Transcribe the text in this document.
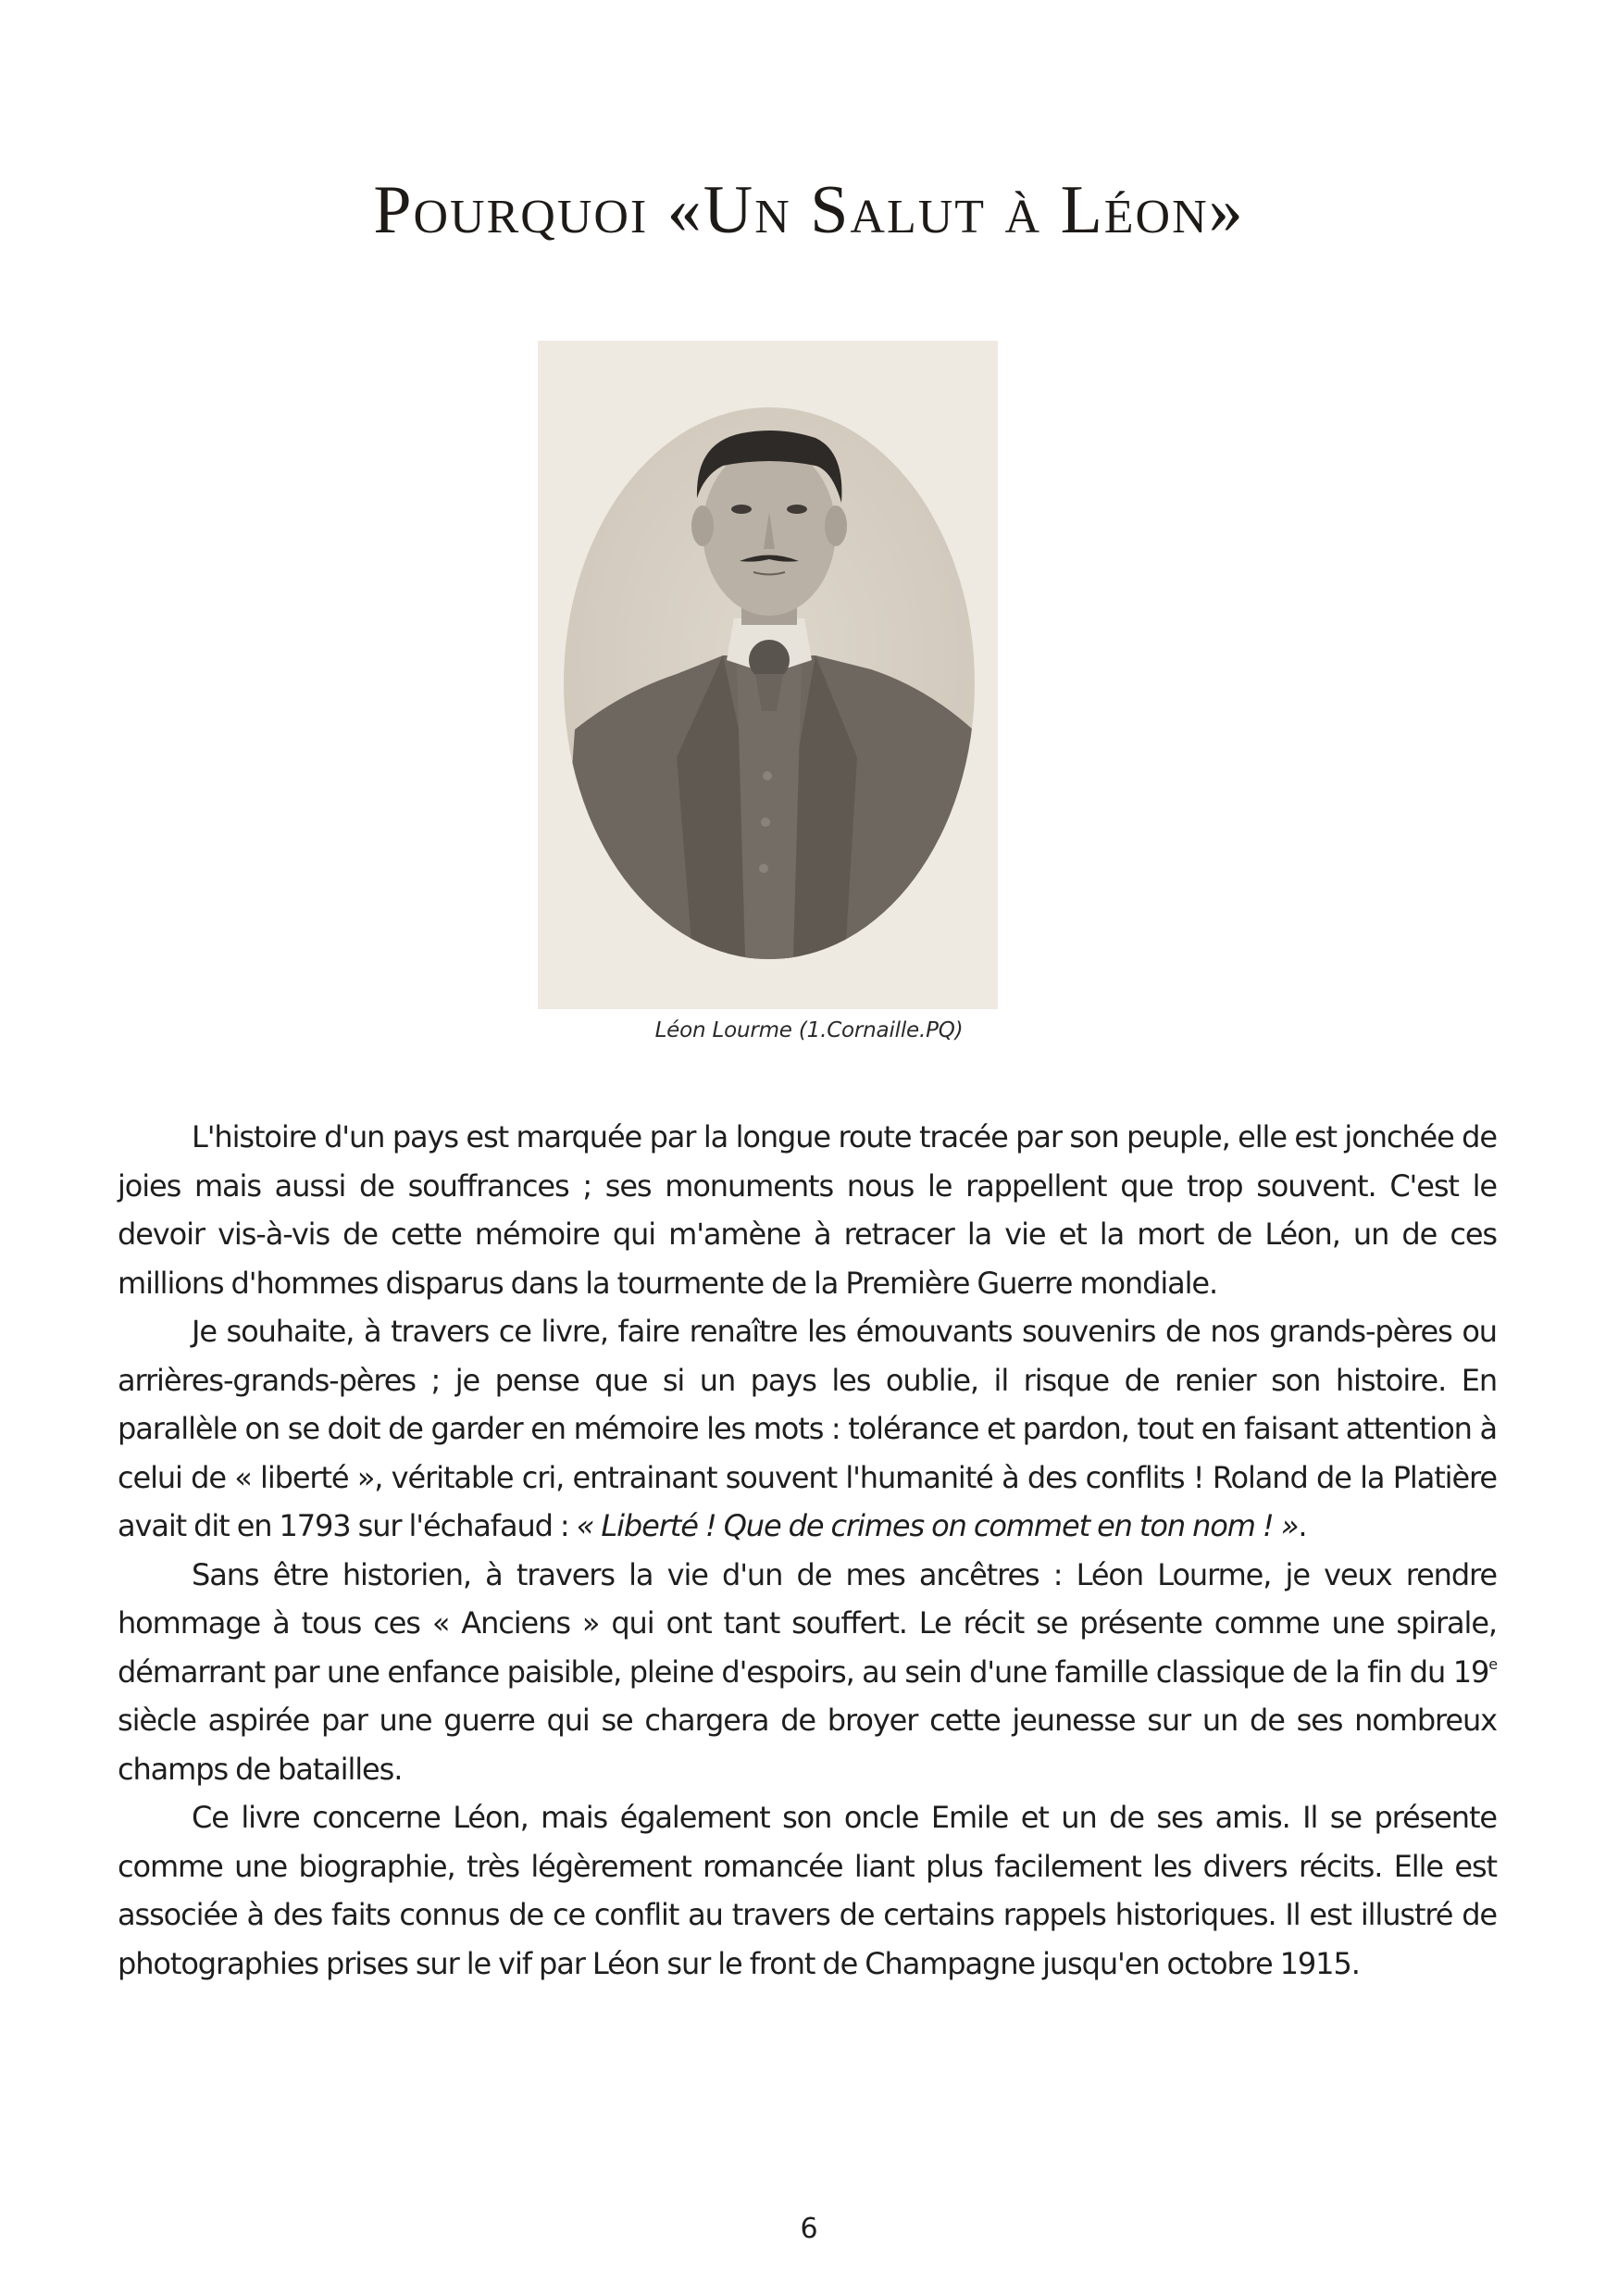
Pourquoi «Un Salut à Léon»
Léon Lourme (1.Cornaille.PQ)

L'histoire d'un pays est marquée par la longue route tracée par son peuple, elle est jonchée de joies mais aussi de souffrances ; ses monuments nous le rappellent que trop souvent. C'est le devoir vis-à-vis de cette mémoire qui m'amène à retracer la vie et la mort de Léon, un de ces millions d'hommes disparus dans la tourmente de la Première Guerre mondiale.

Je souhaite, à travers ce livre, faire renaître les émouvants souvenirs de nos grands-pères ou arrières-grands-pères ; je pense que si un pays les oublie, il risque de renier son histoire. En parallèle on se doit de garder en mémoire les mots : tolérance et pardon, tout en faisant attention à celui de « liberté », véritable cri, entrainant souvent l'humanité à des conflits ! Roland de la Platière avait dit en 1793 sur l'échafaud : « Liberté ! Que de crimes on commet en ton nom ! ».

Sans être historien, à travers la vie d'un de mes ancêtres : Léon Lourme, je veux rendre hommage à tous ces « Anciens » qui ont tant souffert. Le récit se présente comme une spirale, démarrant par une enfance paisible, pleine d'espoirs, au sein d'une famille classique de la fin du 19e siècle aspirée par une guerre qui se chargera de broyer cette jeunesse sur un de ses nombreux champs de batailles.

Ce livre concerne Léon, mais également son oncle Emile et un de ses amis. Il se présente comme une biographie, très légèrement romancée liant plus facilement les divers récits. Elle est associée à des faits connus de ce conflit au travers de certains rappels historiques. Il est illustré de photographies prises sur le vif par Léon sur le front de Champagne jusqu'en octobre 1915.

6
